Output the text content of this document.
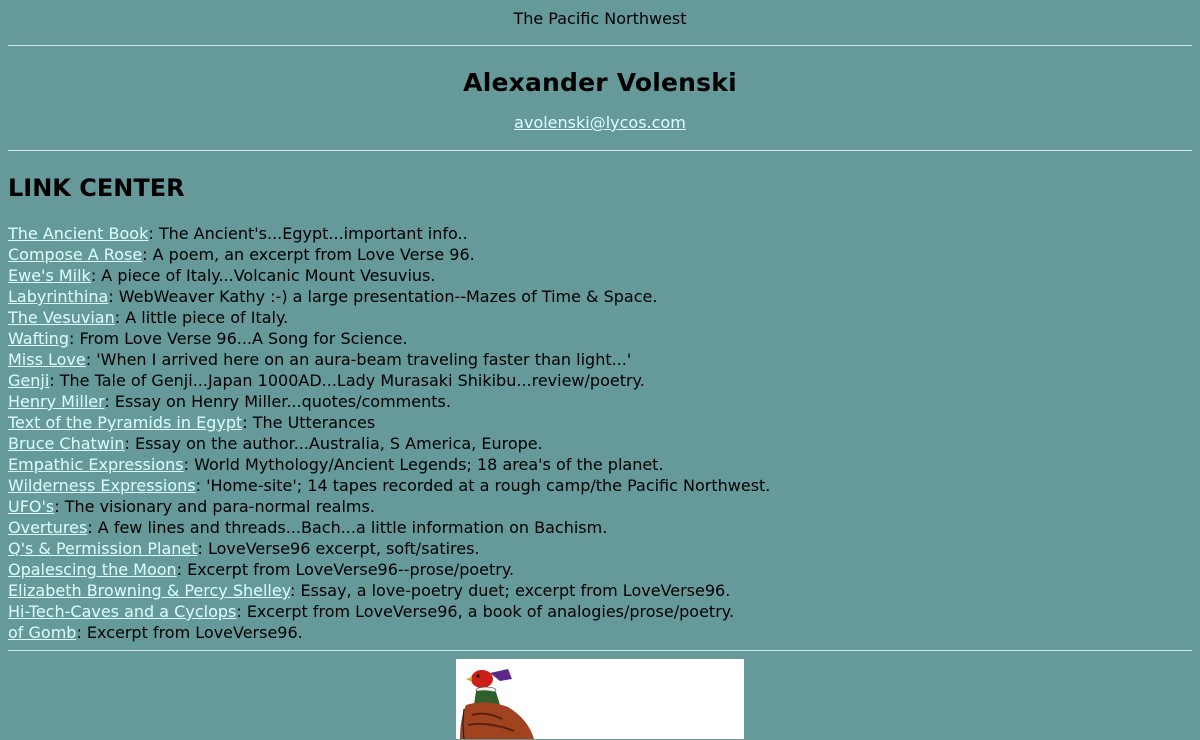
The Pacific Northwest
Alexander Volenski
avolenski@lycos.com
LINK CENTER
The Ancient Book: The Ancient's...Egypt...important info..
Compose A Rose: A poem, an excerpt from Love Verse 96.
Ewe's Milk: A piece of Italy...Volcanic Mount Vesuvius.
Labyrinthina: WebWeaver Kathy :-) a large presentation--Mazes of Time & Space.
The Vesuvian: A little piece of Italy.
Wafting: From Love Verse 96...A Song for Science.
Miss Love: 'When I arrived here on an aura-beam traveling faster than light...'
Genji: The Tale of Genji...Japan 1000AD...Lady Murasaki Shikibu...review/poetry.
Henry Miller: Essay on Henry Miller...quotes/comments.
Text of the Pyramids in Egypt: The Utterances
Bruce Chatwin: Essay on the author...Australia, S America, Europe.
Empathic Expressions: World Mythology/Ancient Legends; 18 area's of the planet.
Wilderness Expressions: 'Home-site'; 14 tapes recorded at a rough camp/the Pacific Northwest.
UFO's: The visionary and para-normal realms.
Overtures: A few lines and threads...Bach...a little information on Bachism.
Q's & Permission Planet: LoveVerse96 excerpt, soft/satires.
Opalescing the Moon: Excerpt from LoveVerse96--prose/poetry.
Elizabeth Browning & Percy Shelley: Essay, a love-poetry duet; excerpt from LoveVerse96.
Hi-Tech-Caves and a Cyclops: Excerpt from LoveVerse96, a book of analogies/prose/poetry.
of Gomb: Excerpt from LoveVerse96.
